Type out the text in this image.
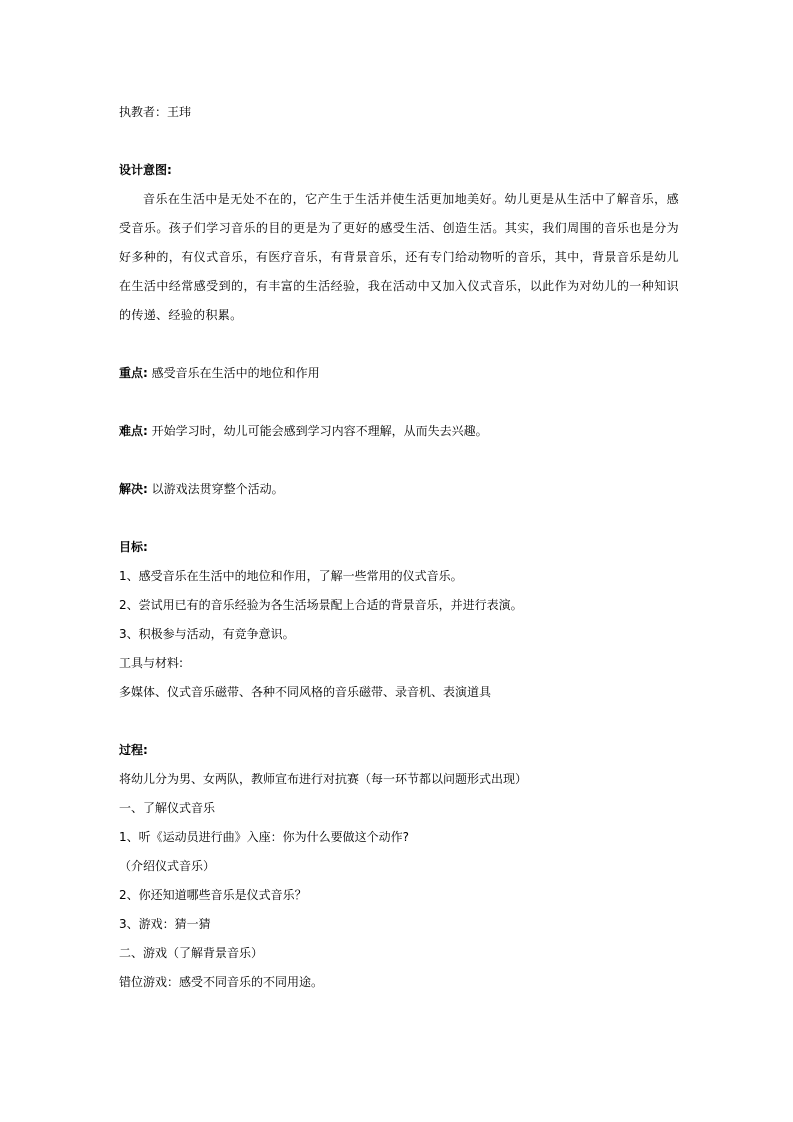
执教者：王玮
设计意图:

音乐在生活中是无处不在的，它产生于生活并使生活更加地美好。幼儿更是从生活中了解音乐，感受音乐。孩子们学习音乐的目的更是为了更好的感受生活、创造生活。其实，我们周围的音乐也是分为好多种的，有仪式音乐，有医疗音乐，有背景音乐，还有专门给动物听的音乐，其中，背景音乐是幼儿在生活中经常感受到的，有丰富的生活经验，我在活动中又加入仪式音乐，以此作为对幼儿的一种知识的传递、经验的积累。

重点: 感受音乐在生活中的地位和作用
难点: 开始学习时，幼儿可能会感到学习内容不理解，从而失去兴趣。
解决: 以游戏法贯穿整个活动。
目标:
1、感受音乐在生活中的地位和作用，了解一些常用的仪式音乐。
2、尝试用已有的音乐经验为各生活场景配上合适的背景音乐，并进行表演。
3、积极参与活动，有竞争意识。
工具与材料:
多媒体、仪式音乐磁带、各种不同风格的音乐磁带、录音机、表演道具
过程:
将幼儿分为男、女两队，教师宣布进行对抗赛（每一环节都以问题形式出现）
一、了解仪式音乐
1、听《运动员进行曲》入座：你为什么要做这个动作?
（介绍仪式音乐）
2、你还知道哪些音乐是仪式音乐？
3、游戏：猜一猜
二、游戏（了解背景音乐）
错位游戏：感受不同音乐的不同用途。
